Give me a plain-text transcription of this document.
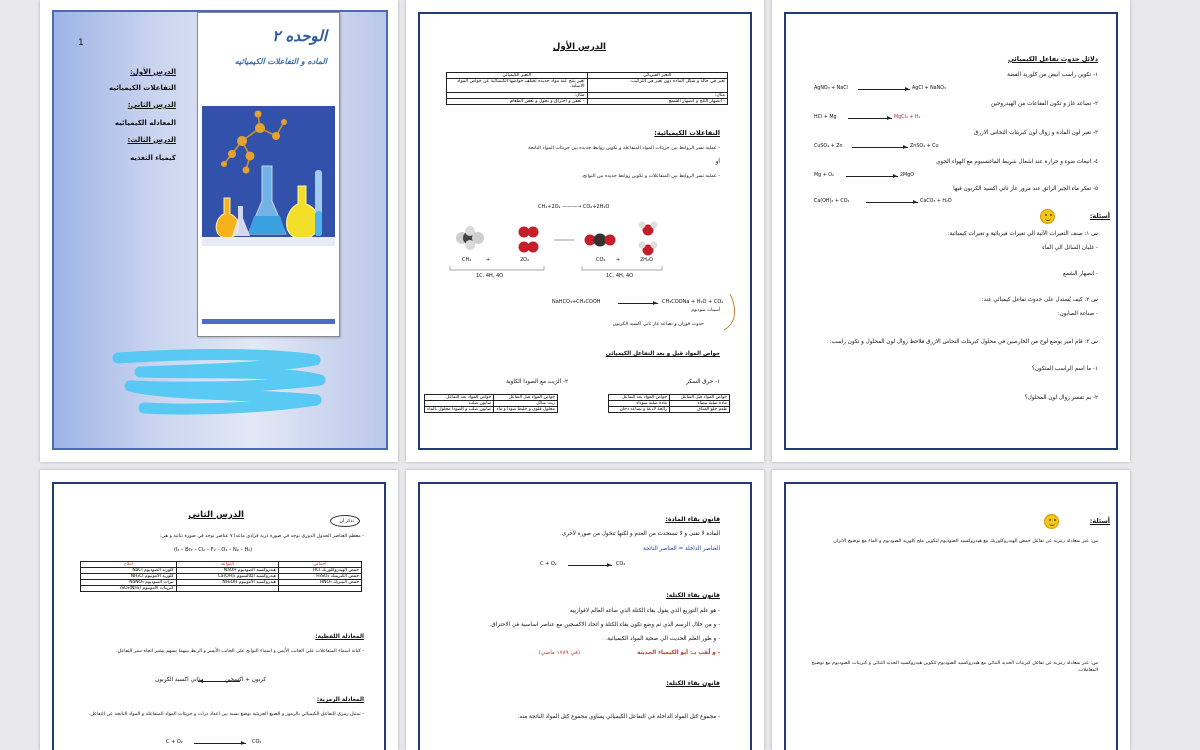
1	الوحده ٢
الماده و التفاعلات الكيميائيه
الدرس الأول:
التفاعلات الكيميائيه
الدرس الثاني:
المعادله الكيميائيه
الدرس الثالث:
كيمياء التغذيه
الدرس الأول
التغير الفيزيائي	التغير الكيميائي
تغير في حالة و شكل الماده دون تغير في التركيب.	تغير ينتج عنه مواد جديده تختلف خواصها الكيميائية عن خواص المواد الأصلية.
مثال:	مثال:
- انصهار الثلج و انصهار الشمع	- تعفن و احتراق و تحول و تعفن الطعام
التفاعلات الكيميائية:
- عملية تسر الروابط بين جزيئات المواد المتفاعلة و تكوين روابط جديده بين جزيئات المواد الناتجة
أو
- عملية تسر الروابط بين المتفاعلات و تكوين روابط جديده بين النواتج.
CH₄+2O₂ ———→ CO₂+2H₂O
CH₄	+	2O₂	CO₂ +	2H₂O
1C, 4H, 4O	1C, 4H, 4O
NaHCO₃+CH₃COOH → CH₃COONa + H₂O + CO₂
أسيتات صوديوم
حدوث فوران و تصاعد غاز ثاني اكسيد الكربون
خواص المواد قبل و بعد التفاعل الكيميائي
١- حرق السكر
٢- الزيت مع الصودا الكاوية
خواص المواد قبل التفاعل	خواص المواد بعد التفاعل
مادة صلبة بيضاء	مادة صلبة سوداء
طعم حلو المذاق	رائحة لاذعة و تصاعد دخان
خواص المواد قبل التفاعل	خواص المواد بعد التفاعل
زيت سائل	صابون صلب
محلول قلوي و خليط صودا و ماء	صابون صلب و الصودا محلول بالماء
دلائل حدوث تفاعل الكيميائي
١- تكوين راسب ابيض من كلوريد الفضة
AgNO₃ + NaCl → AgCl + NaNO₃
٢- تصاعد غاز و تكون الفقاعات من الهيدروجين
HCl + Mg → MgCl₂ + H₂
٣- تغير لون المادة و زوال لون كبريتات النحاس الازرق
CuSO₄ + Zn → ZnSO₄ + Cu
٤- انبعاث ضوء و حرارة عند اشعال شريط الماغنسيوم مع الهواء الجوي
Mg + O₂ → 2MgO
٥- تعكر ماء الجير الرائق عند مرور غاز ثاني اكسيد الكربون فيها
Ca(OH)₂ + CO₂ → CaCO₃ + H₂O
أسئلة:
س ١: صنف التغيرات الآتية الي تغيرات فيزيائية و تغيرات كيميائية:
- غليان السائل الي الماء
- انصهار الشمع
س ٢: كيف يُستدل على حدوث تفاعل كيميائي عند:
- صناعة الصابون:
س ٣: قام امير بوضع لوح من الخارصين في محلول كبريتات النحاس الازرق فلاحظ زوال لون المحلول و تكون راسب:
١- ما اسم الراسب المتكون؟
٢- بم تفسر زوال لون المحلول؟
الدرس الثاني
تذكر أن
- معظم العناصر الجدول الدوري توجد في صورة ذرية فرادى ماعدا ٧ عناصر توجد في صورة ثنائية و هي:
(I₂ – Br₂ – Cl₂ – F₂ – O₂ – N₂ – H₂)
أحماض	القواعد	أملاح
حمض الهيدروكلوريك HCl	هيدروكسيد الصوديوم NaOH	كلوريد الصوديوم NaCl
حمض الكبريتيك H₂SO₄	هيدروكسيد الكالسيوم Ca(OH)₂	كلوريد الأمونيوم NH₄Cl
حمض النيتريك HNO₃	هيدروكسيد الأمونيوم NH₄OH	نترات الصوديوم NaNO₃
		كبريتات الأمونيوم (NH₄)₂SO₄
المعادلة اللفظية:
- كتابة اسماء المتفاعلات على الجانب الأيمن و اسماء النواتج على الجانب الأيسر و الربط بينهما بسهم يشير اتجاه سير التفاعل.
كربون + اكسجين
ثاني اكسيد الكربون
المعادلة الرمزية:
- تمثيل رمزي للتفاعل الكيميائي بالرموز و الصيغ الجزيئية بوضع نسبة بين اعداد ذرات و جزيئات المواد المتفاعلة و المواد الناتجة عن التفاعل.
C + O₂ → CO₂
قانون بقاء المادة:
المادة لا تفنى و لا تستحدث من العدم و لكنها تتحول من صورة لأخرى.
العناصر الداخلة = العناصر الناتجة
C + O₂ → CO₂
قانون بقاء الكتلة:
- هو علم التوزيع الذي يقول بقاء الكتلة الذي صاغه العالم لافوازييه
- و من خلال الرسم الذي تم وضع تكون بقاء الكتلة و اتحاد الاكسجين مع عناصر اساسية في الاحتراق.
- و طور العلم الحديث الي صحية المواد الكيميائية.
- و لُقب بـ: أبو الكيمياء الحديثة
(في ١٧٨٩ ماضي)
قانون بقاء الكتلة:
- مجموع كتل المواد الداخلة في التفاعل الكيميائي يساوي مجموع كتل المواد الناتجة منه.
أسئلة:
س: عبر بمعادلة رمزية عن تفاعل حمض الهيدروكلوريك مع هيدروكسيد الصوديوم لتكوين ملح كلوريد الصوديوم و الماء مع توضيح الاتزان
س: عبر بمعادلة رمزية عن تفاعل كبريتات الحديد الثنائي مع هيدروكسيد الصوديوم لتكوين هيدروكسيد الحديد الثنائي و كبريتات الصوديوم مع توضيح المعاملات.
